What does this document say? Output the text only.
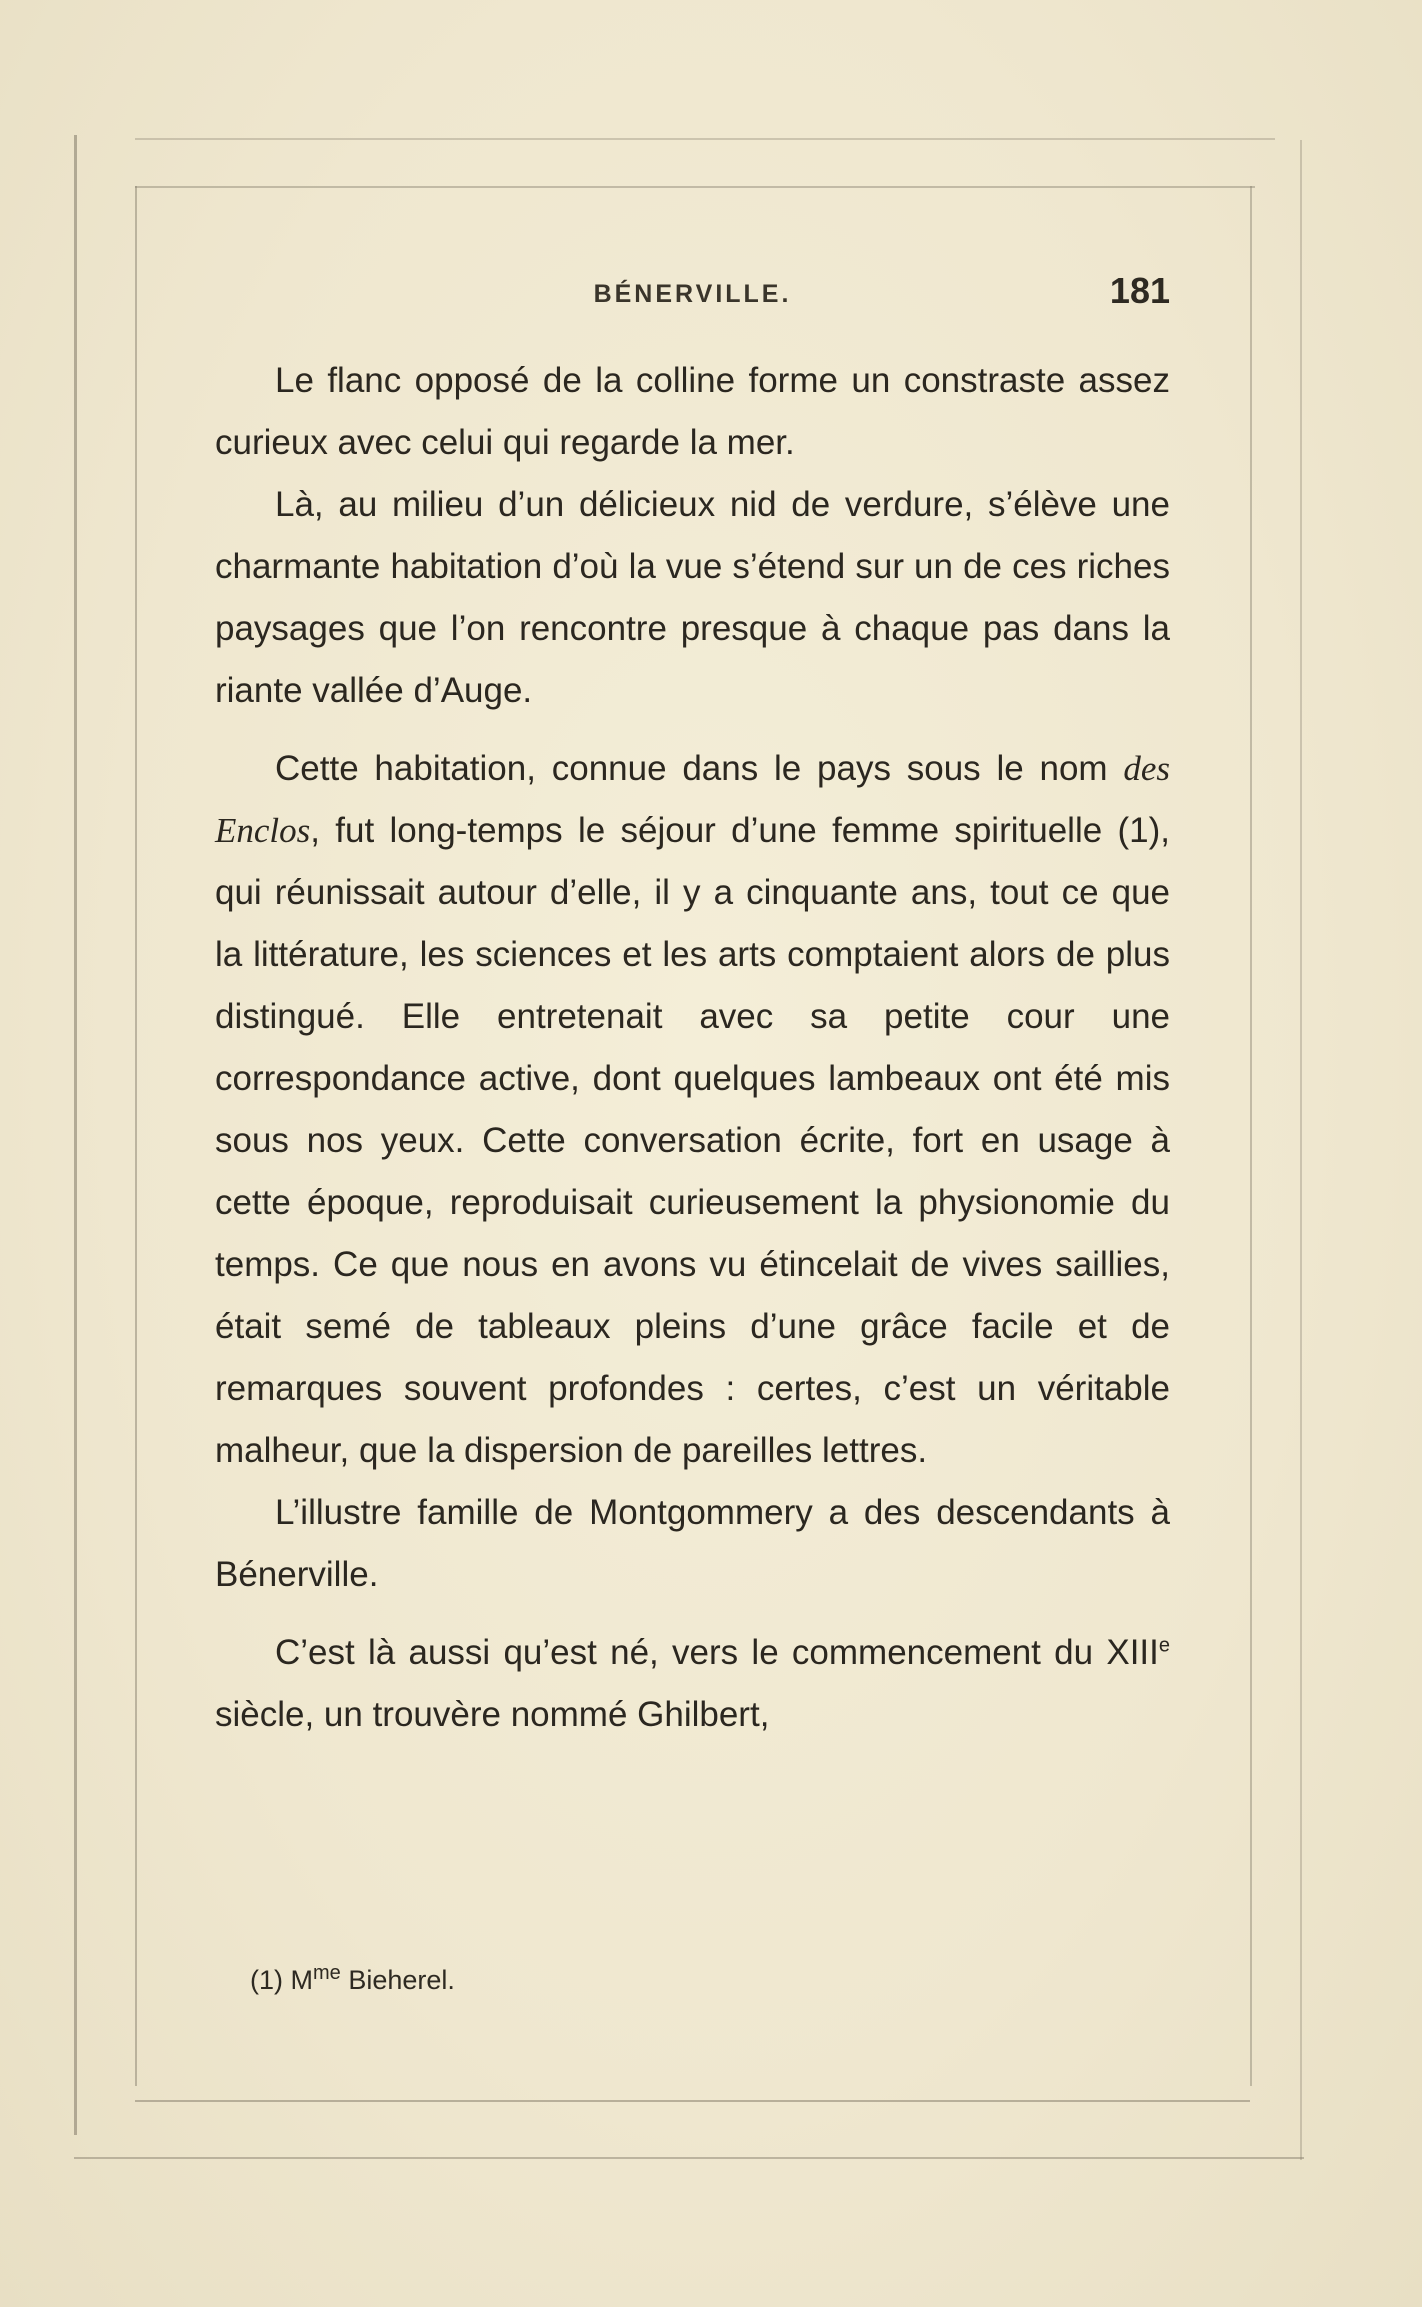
BÉNERVILLE.	181

Le flanc opposé de la colline forme un constraste assez curieux avec celui qui regarde la mer.

Là, au milieu d’un délicieux nid de verdure, s’élève une charmante habitation d’où la vue s’étend sur un de ces riches paysages que l’on rencontre presque à chaque pas dans la riante vallée d’Auge.

Cette habitation, connue dans le pays sous le nom des Enclos, fut long-temps le séjour d’une femme spirituelle (1), qui réunissait autour d’elle, il y a cinquante ans, tout ce que la littérature, les sciences et les arts comptaient alors de plus distingué. Elle entretenait avec sa petite cour une correspondance active, dont quelques lambeaux ont été mis sous nos yeux. Cette conversation écrite, fort en usage à cette époque, reproduisait curieusement la physionomie du temps. Ce que nous en avons vu étincelait de vives saillies, était semé de tableaux pleins d’une grâce facile et de remarques souvent profondes : certes, c’est un véritable malheur, que la dispersion de pareilles lettres.

L’illustre famille de Montgommery a des descendants à Bénerville.

C’est là aussi qu’est né, vers le commencement du XIIIe siècle, un trouvère nommé Ghilbert,

(1) $M^{me}$ Bieherel.
